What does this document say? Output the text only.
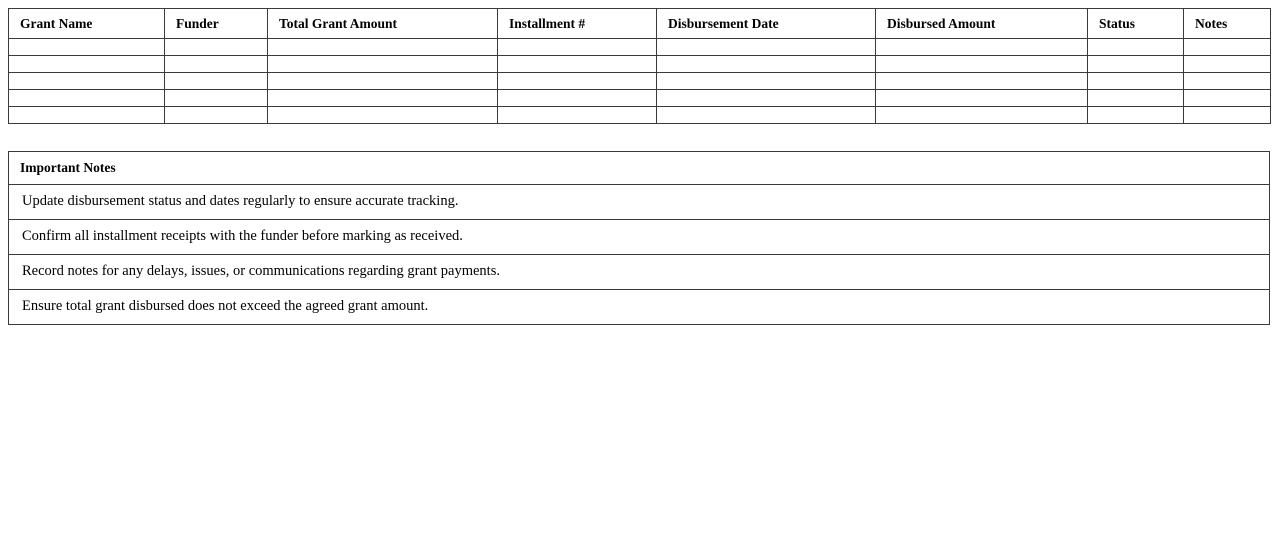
Grant Name	Funder	Total Grant Amount	Installment #	Disbursement Date	Disbursed Amount	Status	Notes

Important Notes
Update disbursement status and dates regularly to ensure accurate tracking.
Confirm all installment receipts with the funder before marking as received.
Record notes for any delays, issues, or communications regarding grant payments.
Ensure total grant disbursed does not exceed the agreed grant amount.
